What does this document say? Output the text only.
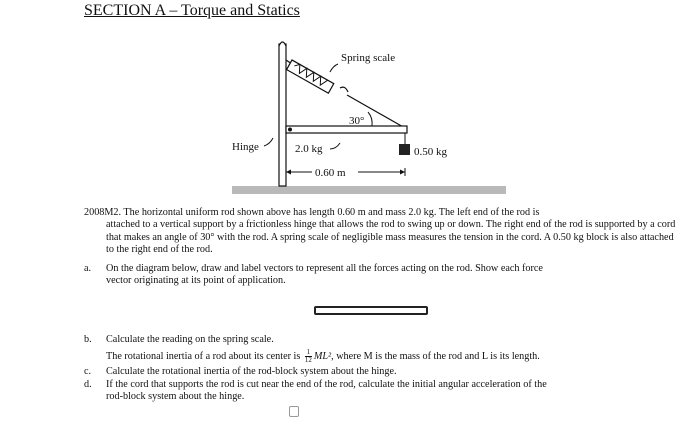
SECTION A – Torque and Statics
Spring scale
30°
Hinge	2.0 kg	0.50 kg
0.60 m
2008M2. The horizontal uniform rod shown above has length 0.60 m and mass 2.0 kg. The left end of the rod is
attached to a vertical support by a frictionless hinge that allows the rod to swing up or down. The right end of the rod is supported by a cord that makes an angle of 30° with the rod. A spring scale of negligible mass measures the tension in the cord. A 0.50 kg block is also attached to the right end of the rod.
a. On the diagram below, draw and label vectors to represent all the forces acting on the rod. Show each force
vector originating at its point of application.
b. Calculate the reading on the spring scale.
The rotational inertia of a rod about its center is $\frac{1}{12} ML^2$, where M is the mass of the rod and L is its length.
c. Calculate the rotational inertia of the rod-block system about the hinge.
d. If the cord that supports the rod is cut near the end of the rod, calculate the initial angular acceleration of the
rod-block system about the hinge.
